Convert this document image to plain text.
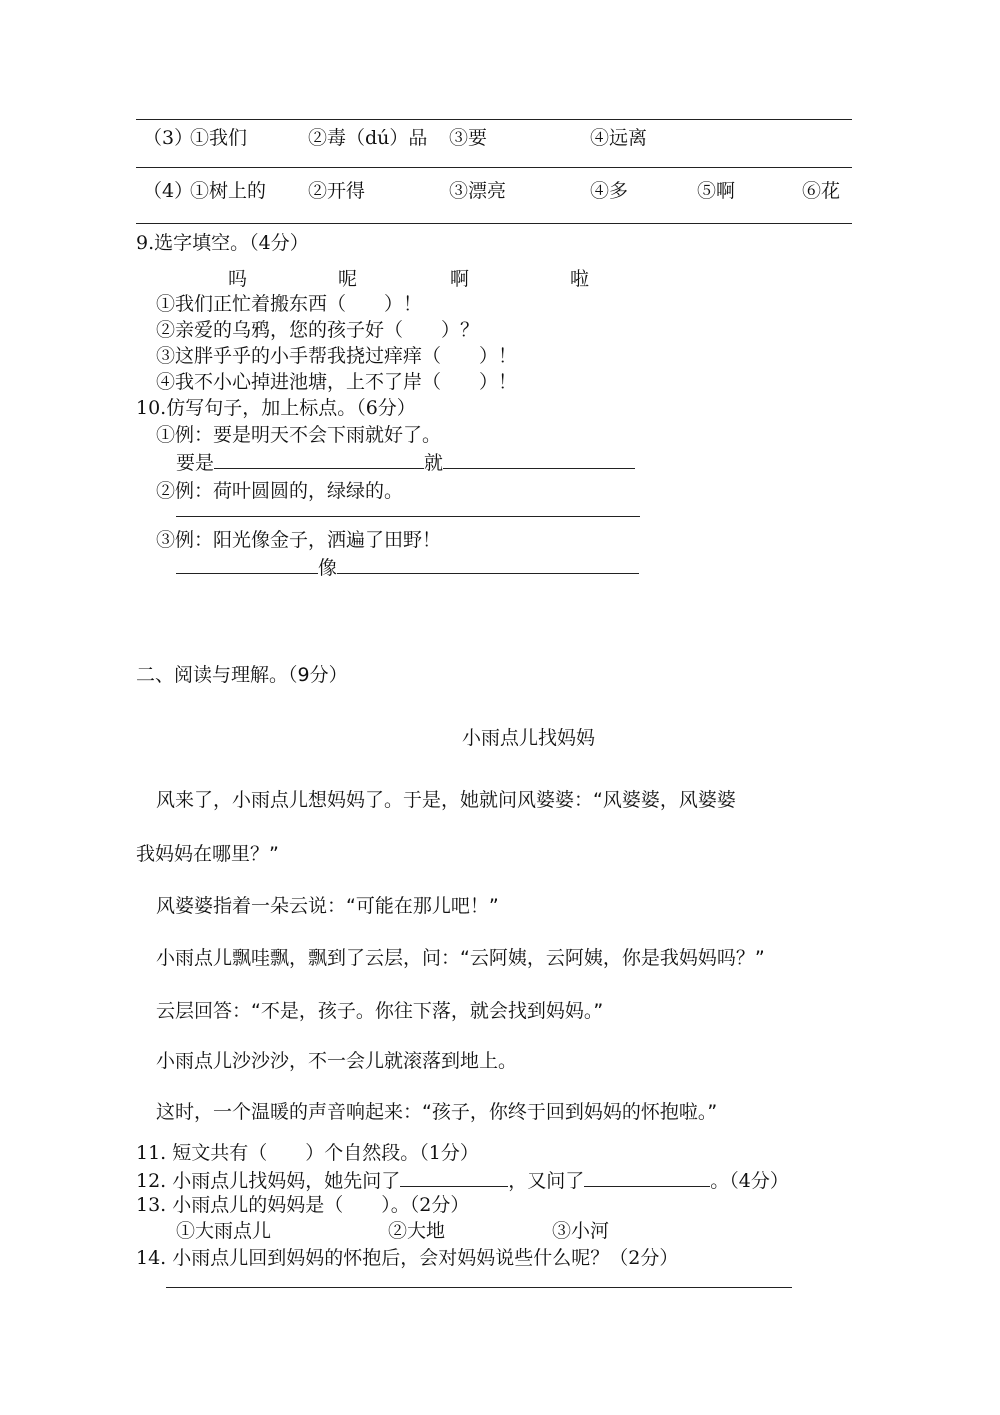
（3）
①我们	②毒（dú）品 ③要	④远离
（4）
①树上的 ②开得	③漂亮	④多	⑤啊	⑥花
9.选字填空。（4分）
吗	呢	啊	啦
①我们正忙着搬东西（　　）！
②亲爱的乌鸦，您的孩子好（　　）？
③这胖乎乎的小手帮我挠过痒痒（　　）！
④我不小心掉进池塘，上不了岸（　　）！
10.仿写句子，加上标点。（6分）
①例：要是明天不会下雨就好了。
要是	就
②例：荷叶圆圆的，绿绿的。
③例：阳光像金子，洒遍了田野！
像
二、阅读与理解。（9分）
小雨点儿找妈妈
风来了，小雨点儿想妈妈了。于是，她就问风婆婆：“风婆婆，风婆婆
我妈妈在哪里？”
风婆婆指着一朵云说：“可能在那儿吧！”
小雨点儿飘哇飘，飘到了云层，问：“云阿姨，云阿姨，你是我妈妈吗？”
云层回答：“不是，孩子。你往下落，就会找到妈妈。”
小雨点儿沙沙沙，不一会儿就滚落到地上。
这时，一个温暖的声音响起来：“孩子，你终于回到妈妈的怀抱啦。”
11. 短文共有（　　）个自然段。（1分）
12. 小雨点儿找妈妈，她先问了	，又问了	。（4分）
13. 小雨点儿的妈妈是（　　）。（2分）
①大雨点儿	②大地	③小河
14. 小雨点儿回到妈妈的怀抱后，会对妈妈说些什么呢？（2分）
